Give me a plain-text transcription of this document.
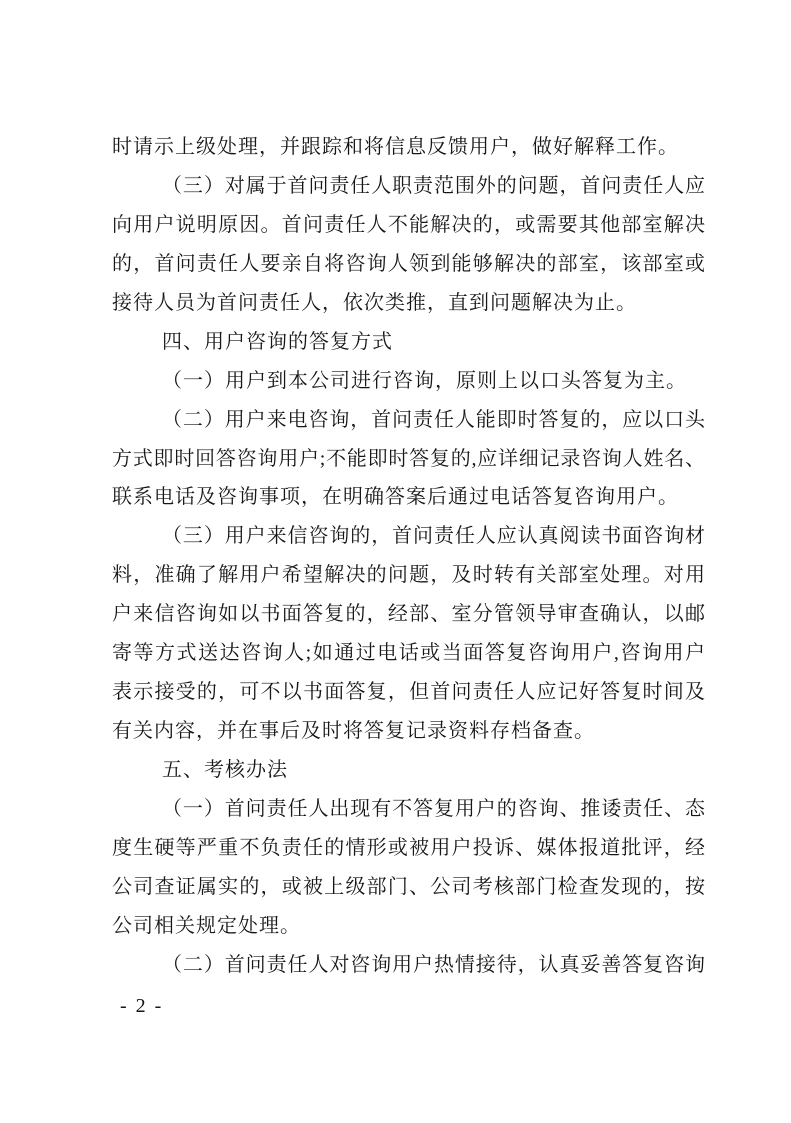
时请示上级处理，并跟踪和将信息反馈用户，做好解释工作。
（三）对属于首问责任人职责范围外的问题，首问责任人应
向用户说明原因。首问责任人不能解决的，或需要其他部室解决
的，首问责任人要亲自将咨询人领到能够解决的部室，该部室或
接待人员为首问责任人，依次类推，直到问题解决为止。
四、用户咨询的答复方式
（一）用户到本公司进行咨询，原则上以口头答复为主。
（二）用户来电咨询，首问责任人能即时答复的，应以口头
方式即时回答咨询用户;不能即时答复的,应详细记录咨询人姓名、
联系电话及咨询事项，在明确答案后通过电话答复咨询用户。
（三）用户来信咨询的，首问责任人应认真阅读书面咨询材
料，准确了解用户希望解决的问题，及时转有关部室处理。对用
户来信咨询如以书面答复的，经部、室分管领导审查确认，以邮
寄等方式送达咨询人;如通过电话或当面答复咨询用户,咨询用户
表示接受的，可不以书面答复，但首问责任人应记好答复时间及
有关内容，并在事后及时将答复记录资料存档备查。
五、考核办法
（一）首问责任人出现有不答复用户的咨询、推诿责任、态
度生硬等严重不负责任的情形或被用户投诉、媒体报道批评，经
公司查证属实的，或被上级部门、公司考核部门检查发现的，按
公司相关规定处理。
（二）首问责任人对咨询用户热情接待，认真妥善答复咨询
- 2 -
